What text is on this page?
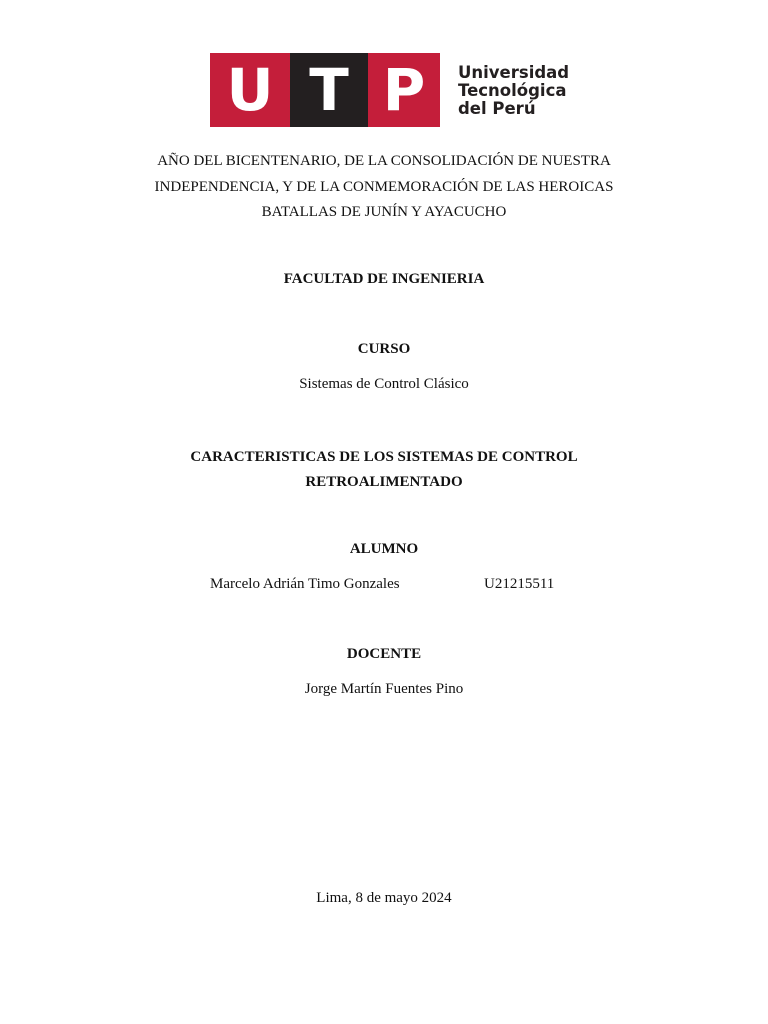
U T P	Universidad
Tecnológica
del Perú
AÑO DEL BICENTENARIO, DE LA CONSOLIDACIÓN DE NUESTRA
INDEPENDENCIA, Y DE LA CONMEMORACIÓN DE LAS HEROICAS
BATALLAS DE JUNÍN Y AYACUCHO
FACULTAD DE INGENIERIA
CURSO
Sistemas de Control Clásico
CARACTERISTICAS DE LOS SISTEMAS DE CONTROL
RETROALIMENTADO
ALUMNO
Marcelo Adrián Timo Gonzales	U21215511
DOCENTE
Jorge Martín Fuentes Pino
Lima, 8 de mayo 2024
